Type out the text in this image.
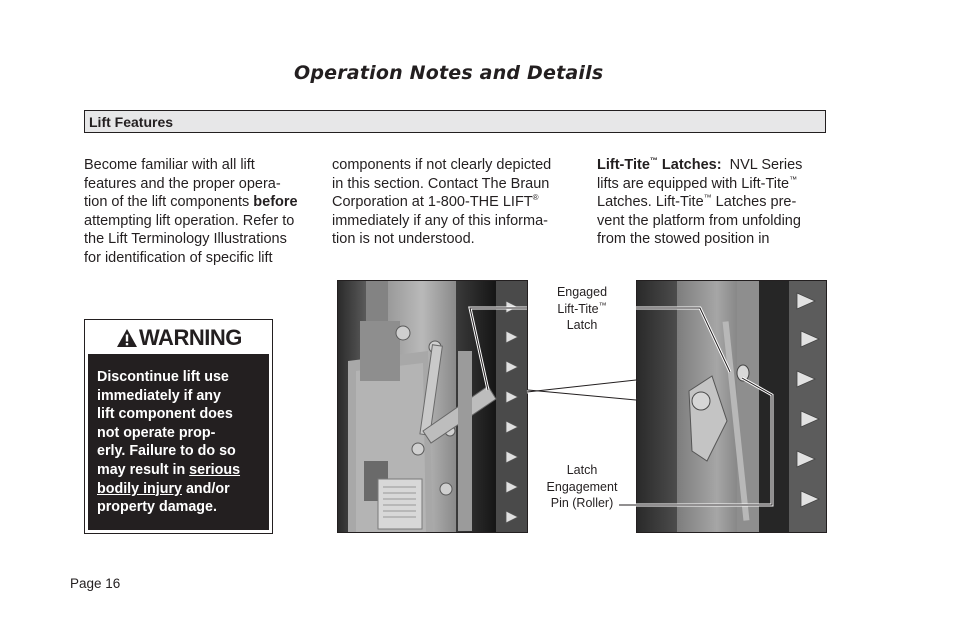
Operation Notes and Details
Lift Features
Become familiar with all lift
features and the proper opera-
tion of the lift components before
attempting lift operation. Refer to
the Lift Terminology Illustrations
for identification of specific lift
components if not clearly depicted
in this section. Contact The Braun
Corporation at 1-800-THE LIFT®
immediately if any of this informa-
tion is not understood.
Lift-Tite™ Latches:  NVL Series
lifts are equipped with Lift-Tite™
Latches. Lift-Tite™ Latches pre-
vent the platform from unfolding
from the stowed position in
WARNING
Discontinue lift use
immediately if any
lift component does
not operate prop-
erly. Failure to do so
may result in serious
bodily injury and/or
property damage.
Engaged
Lift-Tite™
Latch
Latch
Engagement
Pin (Roller)
Page 16
